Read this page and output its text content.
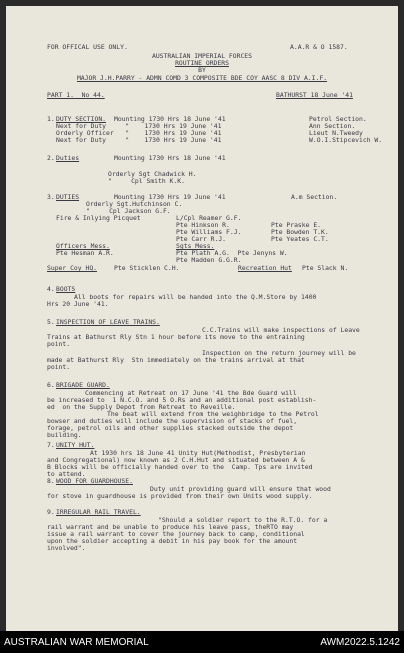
FOR OFFICAL USE ONLY.	A.A.R & O 1587.
AUSTRALIAN IMPERIAL FORCES
ROUTINE ORDERS
BY
MAJOR J.H.PARRY - ADMN COMD 3 COMPOSITE BDE COY AASC 8 DIV A.I.F.
PART 1.  No 44.	BATHURST 18 June '41
1. DUTY SECTION. Mounting 1730 Hrs 18 June '41	Petrol Section.
Next for Duty     "    1730 Hrs 19 June '41	Ann Section.
Orderly Officer   "    1730 Hrs 19 June '41	Lieut N.Tweedy
Next for Duty     "    1730 Hrs 19 June '41	W.O.I.Stipcevich W.
2. Duties	Mounting 1730 Hrs 18 June '41
Orderly Sgt Chadwick H.
"     Cpl Smith K.K.
3. DUTIES	Mounting 1730 Hrs 19 June '41	A.m Section.
Orderly Sgt.Hutchinson C.
"     Cpl Jackson G.F.
Fire & Inlying Picquet	L/Cpl Reamer G.F.
Pte Hinkson R.	Pte Praske E.
Pte Williams F.J.	Pte Bowden T.K.
Pte Carr R.J.	Pte Yeates C.T.
Officers Mess.	Sgts Mess.
Pte Hesman A.R.	Pte Plath A.G.  Pte Jenyns W.
Pte Madden G.G.R.
Super Coy HQ.	Pte Sticklen C.H.	Recreation Hut Pte Slack N.
4. BOOTS
All boots for repairs will be handed into the Q.M.Store by 1400
Hrs 20 June '41.
5. INSPECTION OF LEAVE TRAINS.
C.C.Trains will make inspections of Leave
Trains at Bathurst Rly Stn 1 hour before its move to the entraining
point.
Inspection on the return journey will be
made at Bathurst Rly  Stn immediately on the trains arrival at that
point.
6. BRIGADE GUARD.
Commencing at Retreat on 17 June '41 the Bde Guard will
be increased to  1 N.C.O. and 5 O.Rs and an additional post establish-
ed  on the Supply Depot from Retreat to Reveille.
The beat will extend from the weighbridge to the Petrol
bowser and duties will include the supervision of stacks of fuel,
forage, petrol oils and other supplies stacked outside the depot
building.
7. UNITY HUT.
At 1930 hrs 18 June 41 Unity Hut(Methodist, Presbyterian
and Congregational) now known as 2 C.H.Hut and situated between A &
B Blocks will be officially handed over to the  Camp. Tps are invited
to attend.
8. WOOD FOR GUARDHOUSE.
Duty unit providing guard will ensure that wood
for stove in guardhouse is provided from their own Units wood supply.
9. IRREGULAR RAIL TRAVEL.
"Should a soldier report to the R.T.O. for a
rail warrant and be unable to produce his leave pass, theRTO may
issue a rail warrant to cover the journey back to camp, conditional
upon the soldier accepting a debit in his pay book for the amount
involved".
AUSTRALIAN WAR MEMORIAL	AWM2022.5.1242
